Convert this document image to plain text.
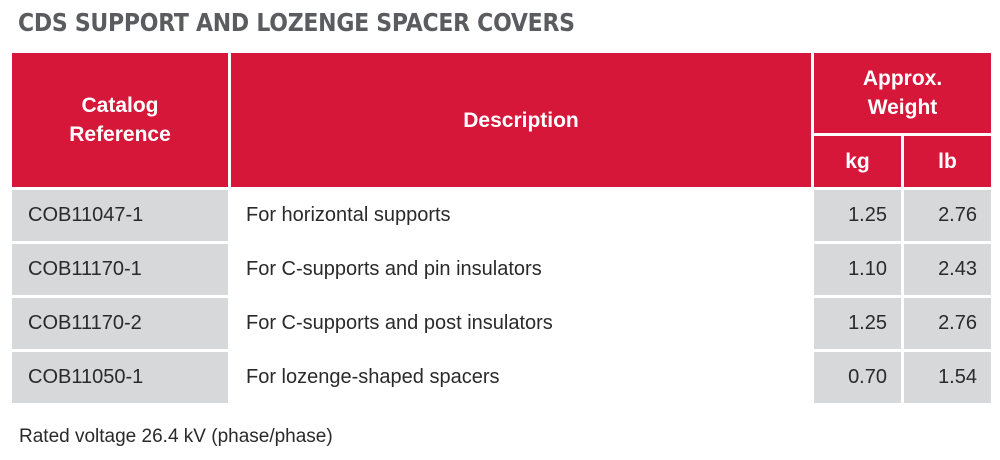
CDS SUPPORT AND LOZENGE SPACER COVERS
Catalog
Reference	Description	Approx.
Weight	
		kg	lb
COB11047-1	For horizontal supports	1.25	2.76
COB11170-1	For C-supports and pin insulators	1.10	2.43
COB11170-2	For C-supports and post insulators	1.25	2.76
COB11050-1	For lozenge-shaped spacers	0.70	1.54
Rated voltage 26.4 kV (phase/phase)
